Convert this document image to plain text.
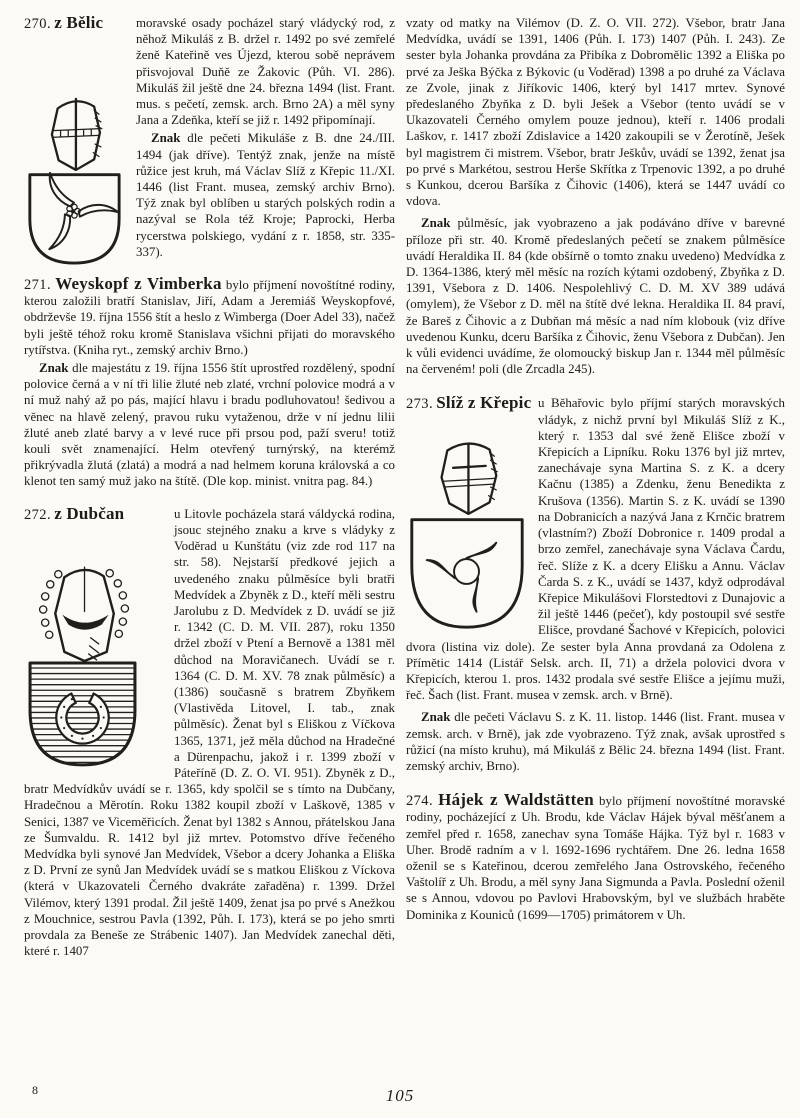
270. z Bělic	moravské osady pocházel starý vládycký rod, z něhož Mikuláš z B. držel r. 1492 po své zemřelé ženě Kateřině ves Újezd, kterou sobě neprávem přisvojoval Duňě ze Žakovic (Půh. VI. 286). Mikuláš žil ještě dne 24. března 1494 (list. Frant. mus. s pečetí, zemsk. arch. Brno 2A) a měl syny Jana a Zdeňka, kteří se již r. 1492 připomínají.

Znak dle pečeti Mikuláše z B. dne 24./III. 1494 (jak dříve). Tentýž znak, jenže na místě růžice jest kruh, má Václav Slíž z Křepic 11./XI. 1446 (list Frant. musea, zemský archiv Brno). Týž znak byl oblíben u starých polských rodin a nazýval se Rola též Kroje; Paprocki, Herba rycerstwa polskiego, vydání z r. 1858, str. 335-337).

271. Weyskopf z Vimberka bylo příjmení novoštítné rodiny, kterou založili bratří Stanislav, Jiří, Adam a Jeremiáš Weyskopfové, obdrževše 19. října 1556 štít a heslo z Wimberga (Doer Adel 33), načež byli ještě téhož roku kromě Stanislava všichni přijati do moravského rytířstva. (Kniha ryt., zemský archiv Brno.)

Znak dle majestátu z 19. října 1556 štít uprostřed rozdělený, spodní polovice černá a v ní tři lilie žluté neb zlaté, vrchní polovice modrá a v ní muž nahý až po pás, mající hlavu i bradu podluhovatou! šedivou a věnec na hlavě zelený, pravou ruku vytaženou, drže v ní jednu lilii žluté aneb zlaté barvy a v levé ruce při prsou pod, paží sveru! totiž kouli svět znamenající. Helm otevřený turnýrský, na kterémž přikrývadla žlutá (zlatá) a modrá a nad helmem koruna královská a co klenot ten samý muž jako na štítě. (Dle kop. minist. vnitra pag. 84.)

272. z Dubčan	u Litovle pocházela stará váldycká rodina, jsouc stejného znaku a krve s vládyky z Voděrad u Kunštátu (viz zde rod 117 na str. 58). Nejstarší předkové jejich a uvedeného znaku půlměsíce byli bratři Medvídek a Zbyněk z D., kteří měli sestru Jarolubu z D. Medvídek z D. uvádí se již r. 1342 (C. D. M. VII. 287), roku 1350 držel zboží v Ptení a Bernově a 1381 měl důchod na Moravičanech. Uvádí se r. 1364 (C. D. M. XV. 78 znak půlměsíc) a (1386) současně s bratrem Zbyňkem (Vlastivěda Litovel, I. tab., znak půlměsíc). Ženat byl s Eliškou z Víčkova 1365, 1371, jež měla důchod na Hradečné a Dürenpachu, jakož i r. 1399 zboží v Páteříně (D. Z. O. VI. 951). Zbyněk z D., bratr Medvídkův uvádí se r. 1365, kdy spolčil se s tímto na Dubčany, Hradečnou a Měrotín. Roku 1382 koupil zboží v Laškově, 1385 v Senici, 1387 ve Viceměřicích. Ženat byl 1382 s Annou, přátelskou Jana ze Šumvaldu. R. 1412 byl již mrtev. Potomstvo dříve řečeného Medvídka byli synové Jan Medvídek, Všebor a dcery Johanka a Eliška z D. První ze synů Jan Medvídek uvádí se s matkou Eliškou z Víckova (která v Ukazovateli Černého dvakráte zařaděna) r. 1399. Držel Vilémov, který 1391 prodal. Žil ještě 1409, ženat jsa po prvé s Anežkou z Mouchnice, sestrou Pavla (1392, Půh. I. 173), která se po jeho smrti provdala za Beneše ze Strábenic 1407). Jan Medvídek zanechal děti, které r. 1407

vzaty od matky na Vilémov (D. Z. O. VII. 272). Všebor, bratr Jana Medvídka, uvádí se 1391, 1406 (Půh. I. 173) 1407 (Půh. I. 243). Ze sester byla Johanka provdána za Přibíka z Dobromělic 1392 a Eliška po prvé za Ješka Býčka z Býkovic (u Voděrad) 1398 a po druhé za Václava ze Zvole, jinak z Jiříkovic 1406, který byl 1417 mrtev. Synové předeslaného Zbyňka z D. byli Ješek a Všebor (tento uvádí se v Ukazovateli Černého omylem pouze jednou), kteří r. 1406 prodali Laškov, r. 1417 zboží Zdislavice a 1420 zakoupili se v Žerotíně, Ješek byl magistrem či mistrem. Všebor, bratr Ješkův, uvádí se 1392, ženat jsa po prvé s Markétou, sestrou Herše Skřítka z Trpenovic 1392, a po druhé s Kunkou, dcerou Baršíka z Čihovic (1406), která se 1447 uvádí co vdova.

Znak půlměsíc, jak vyobrazeno a jak podáváno dříve v barevné příloze při str. 40. Kromě předeslaných pečetí se znakem půlměsíce uvádí Heraldika II. 84 (kde obšírně o tomto znaku uvedeno) Medvídka z D. 1364-1386, který měl měsíc na rozích kýtami ozdobený, Zbyňka z D. 1391, Všebora z D. 1406. Nespolehlivý C. D. M. XV 389 udává (omylem), že Všebor z D. měl na štítě dvé lekna. Heraldika II. 84 praví, že Bareš z Čihovic a z Dubňan má měsíc a nad ním klobouk (viz dříve uvedenou Kunku, dceru Baršíka z Čihovic, ženu Všebora z Dubčan). Jen k vůli evidenci uvádíme, že olomoucký biskup Jan r. 1344 měl půlměsíc na červeném! poli (dle Zrcadla 245).

273. Slíž z Křepic u Běhařovic bylo příjmí starých moravských vládyk, z nichž první byl Mikuláš Slíž z K., který r. 1353 dal své ženě Elišce zboží v Křepicích a Lipníku. Roku 1376 byl již mrtev, zanechávaje syna Martina S. z K. a dcery Kačnu (1385) a Zdenku, ženu Benedikta z Krušova (1356). Martin S. z K. uvádí se 1390 na Dobranicích a nazývá Jana z Krnčic bratrem (vlastním?) Zboží Dobronice r. 1409 prodal a brzo zemřel, zanechávaje syna Václava Čardu, řeč. Slíže z K. a dcery Elišku a Annu. Václav Čarda S. z K., uvádí se 1437, když odprodával Křepice Mikulášovi Florstedtovi z Dunajovic a žil ještě 1446 (pečeť), kdy postoupil své sestře Elišce, provdané Šachové v Křepicích, polovici dvora (listina viz dole). Ze sester byla Anna provdaná za Odolena z Přímětic 1414 (Listář Selsk. arch. II, 71) a držela polovici dvora v Křepicích, kterou 1. pros. 1432 prodala své sestře Elišce a jejímu muži, řeč. Šach (list. Frant. musea v zemsk. arch. v Brně).

Znak dle pečeti Václavu S. z K. 11. listop. 1446 (list. Frant. musea v zemsk. arch. v Brně), jak zde vyobrazeno. Týž znak, avšak uprostřed s růžicí (na místo kruhu), má Mikuláš z Bělic 24. března 1494 (list. Frant. zemský archiv, Brno).

274. Hájek z Waldstätten bylo příjmení novoštítné moravské rodiny, pocházející z Uh. Brodu, kde Václav Hájek býval měšťanem a zemřel před r. 1658, zanechav syna Tomáše Hájka. Týž byl r. 1683 v Uher. Brodě radním a v l. 1692-1696 rychtářem. Dne 26. ledna 1658 oženil se s Kateřinou, dcerou zemřelého Jana Ostrovského, řečeného Vaštolíř z Uh. Brodu, a měl syny Jana Sigmunda a Pavla. Poslední oženil se s Annou, vdovou po Pavlovi Hrabovským, byl ve službách hraběte Dominika z Kouniců (1699—1705) primátorem v Uh.

8	105
